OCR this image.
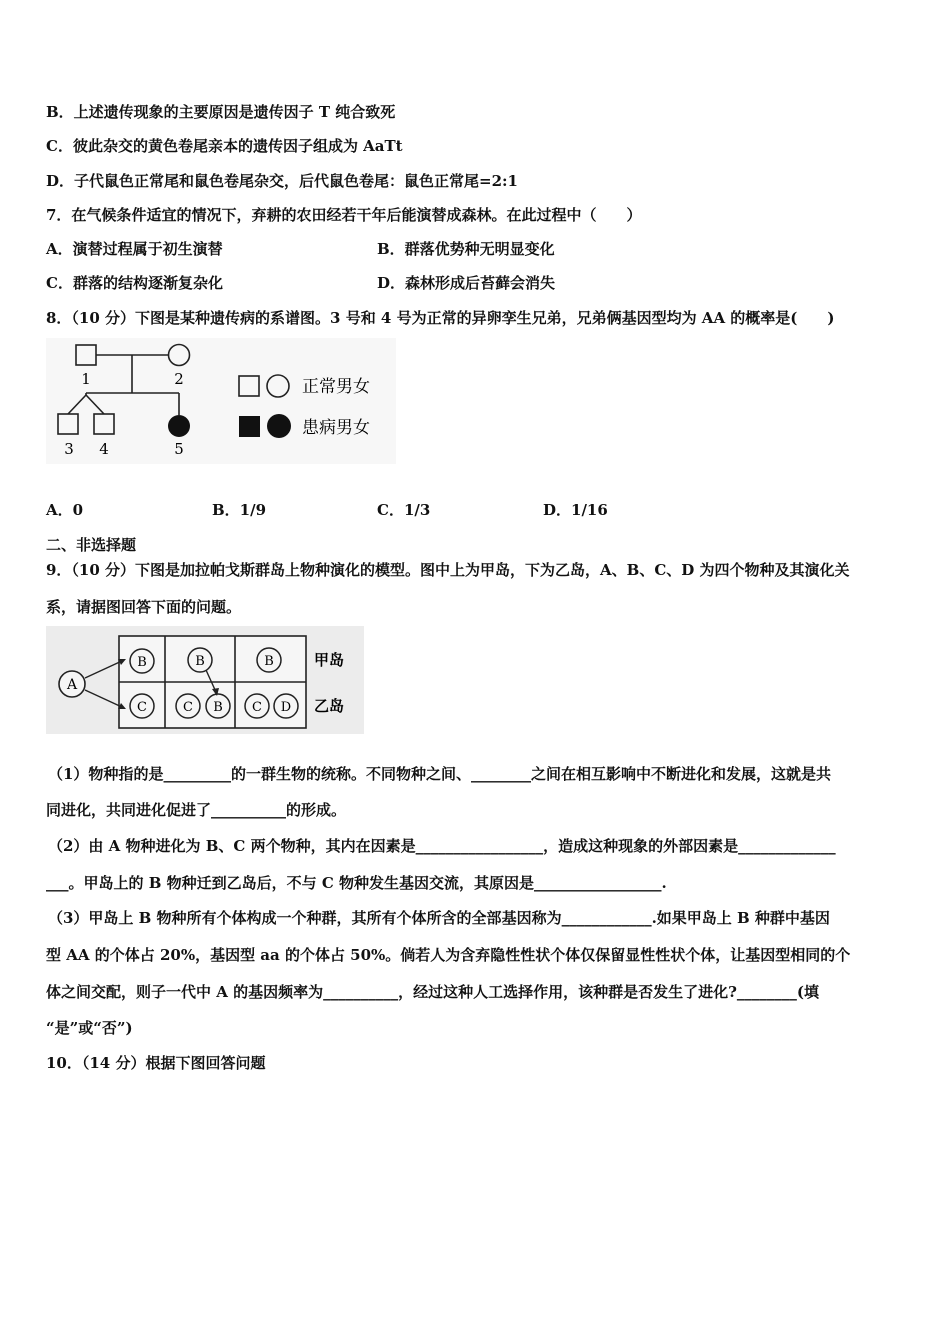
B．上述遗传现象的主要原因是遗传因子 T 纯合致死
C．彼此杂交的黄色卷尾亲本的遗传因子组成为 AaTt
D．子代鼠色正常尾和鼠色卷尾杂交，后代鼠色卷尾：鼠色正常尾=2:1
7．在气候条件适宜的情况下，弃耕的农田经若干年后能演替成森林。在此过程中（　　）
A．演替过程属于初生演替	B．群落优势种无明显变化
C．群落的结构逐渐复杂化	D．森林形成后苔藓会消失
8．（10 分）下图是某种遗传病的系谱图。3 号和 4 号为正常的异卵孪生兄弟，兄弟俩基因型均为 AA 的概率是(　　)
1	2
3 4	5
正常男女
患病男女
A．0	B．1/9	C．1/3	D．1/16
二、非选择题
9．（10 分）下图是加拉帕戈斯群岛上物种演化的模型。图中上为甲岛，下为乙岛，A、B、C、D 为四个物种及其演化关
系，请据图回答下面的问题。
A
B	B	B
C	C B C D
甲岛
乙岛
（1）物种指的是_________的一群生物的统称。不同物种之间、________之间在相互影响中不断进化和发展，这就是共
同进化，共同进化促进了__________的形成。
（2）由 A 物种进化为 B、C 两个物种，其内在因素是_________________，造成这种现象的外部因素是_____________
___。甲岛上的 B 物种迁到乙岛后，不与 C 物种发生基因交流，其原因是_________________.
（3）甲岛上 B 物种所有个体构成一个种群，其所有个体所含的全部基因称为____________.如果甲岛上 B 种群中基因
型 AA 的个体占 20%，基因型 aa 的个体占 50%。倘若人为含弃隐性性状个体仅保留显性性状个体，让基因型相同的个
体之间交配，则子一代中 A 的基因频率为__________，经过这种人工选择作用，该种群是否发生了进化?________(填
“是”或“否”)
10．（14 分）根据下图回答问题
